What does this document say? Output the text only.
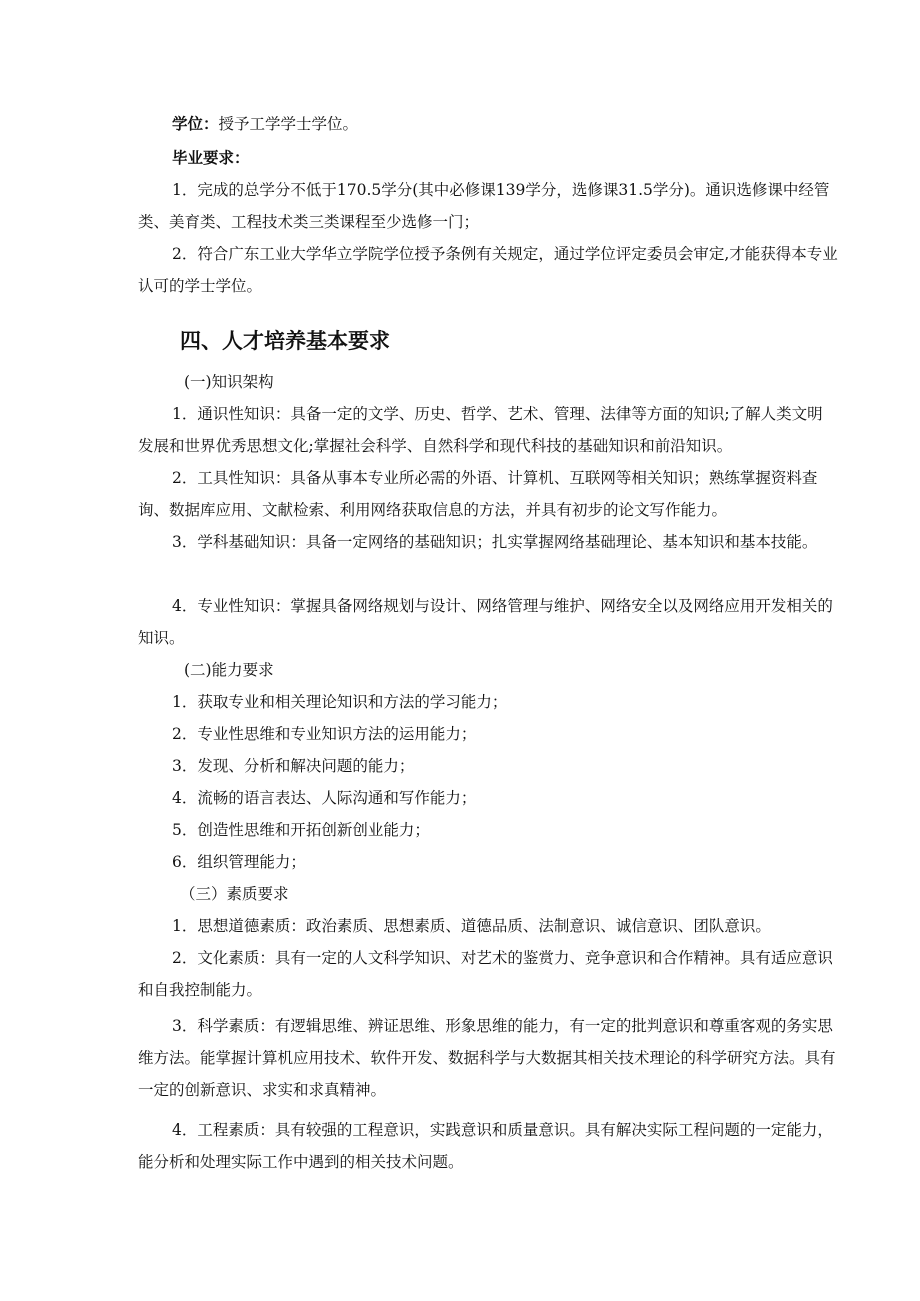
学位：授予工学学士学位。

毕业要求：

1．完成的总学分不低于170.5学分(其中必修课139学分，选修课31.5学分)。通识选修课中经管类、美育类、工程技术类三类课程至少选修一门；

2．符合广东工业大学华立学院学位授予条例有关规定，通过学位评定委员会审定,才能获得本专业认可的学士学位。

四、人才培养基本要求

(一)知识架构

1．通识性知识：具备一定的文学、历史、哲学、艺术、管理、法律等方面的知识;了解人类文明发展和世界优秀思想文化;掌握社会科学、自然科学和现代科技的基础知识和前沿知识。

2．工具性知识：具备从事本专业所必需的外语、计算机、互联网等相关知识；熟练掌握资料查询、数据库应用、文献检索、利用网络获取信息的方法，并具有初步的论文写作能力。

3．学科基础知识：具备一定网络的基础知识；扎实掌握网络基础理论、基本知识和基本技能。

4．专业性知识：掌握具备网络规划与设计、网络管理与维护、网络安全以及网络应用开发相关的知识。

(二)能力要求

1．获取专业和相关理论知识和方法的学习能力；

2．专业性思维和专业知识方法的运用能力；

3．发现、分析和解决问题的能力；

4．流畅的语言表达、人际沟通和写作能力；

5．创造性思维和开拓创新创业能力；

6．组织管理能力；

（三）素质要求

1．思想道德素质：政治素质、思想素质、道德品质、法制意识、诚信意识、团队意识。

2．文化素质：具有一定的人文科学知识、对艺术的鉴赏力、竞争意识和合作精神。具有适应意识和自我控制能力。

3．科学素质：有逻辑思维、辨证思维、形象思维的能力，有一定的批判意识和尊重客观的务实思维方法。能掌握计算机应用技术、软件开发、数据科学与大数据其相关技术理论的科学研究方法。具有一定的创新意识、求实和求真精神。

4．工程素质：具有较强的工程意识，实践意识和质量意识。具有解决实际工程问题的一定能力，能分析和处理实际工作中遇到的相关技术问题。
